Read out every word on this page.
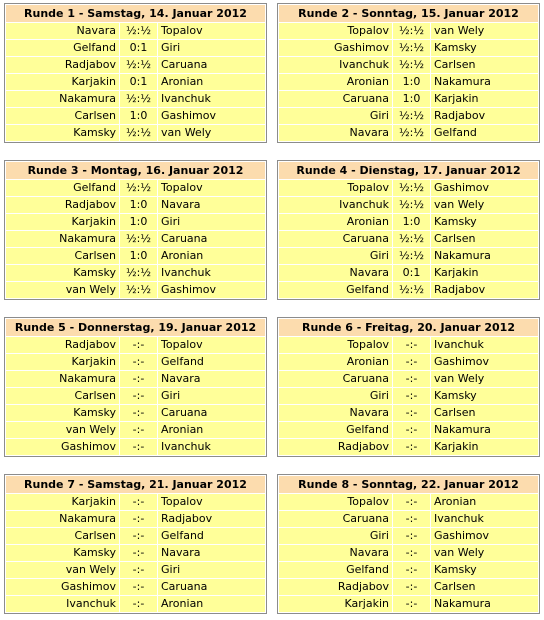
Runde 1 - Samstag, 14. Januar 2012
Navara	½:½	Topalov
Gelfand	0:1	Giri
Radjabov	½:½	Caruana
Karjakin	0:1	Aronian
Nakamura	½:½	Ivanchuk
Carlsen	1:0	Gashimov
Kamsky	½:½	van Wely
Runde 2 - Sonntag, 15. Januar 2012
Topalov	½:½	van Wely
Gashimov	½:½	Kamsky
Ivanchuk	½:½	Carlsen
Aronian	1:0	Nakamura
Caruana	1:0	Karjakin
Giri	½:½	Radjabov
Navara	½:½	Gelfand
Runde 3 - Montag, 16. Januar 2012
Gelfand	½:½	Topalov
Radjabov	1:0	Navara
Karjakin	1:0	Giri
Nakamura	½:½	Caruana
Carlsen	1:0	Aronian
Kamsky	½:½	Ivanchuk
van Wely	½:½	Gashimov
Runde 4 - Dienstag, 17. Januar 2012
Topalov	½:½	Gashimov
Ivanchuk	½:½	van Wely
Aronian	1:0	Kamsky
Caruana	½:½	Carlsen
Giri	½:½	Nakamura
Navara	0:1	Karjakin
Gelfand	½:½	Radjabov
Runde 5 - Donnerstag, 19. Januar 2012
Radjabov	-:-	Topalov
Karjakin	-:-	Gelfand
Nakamura	-:-	Navara
Carlsen	-:-	Giri
Kamsky	-:-	Caruana
van Wely	-:-	Aronian
Gashimov	-:-	Ivanchuk
Runde 6 - Freitag, 20. Januar 2012
Topalov	-:-	Ivanchuk
Aronian	-:-	Gashimov
Caruana	-:-	van Wely
Giri	-:-	Kamsky
Navara	-:-	Carlsen
Gelfand	-:-	Nakamura
Radjabov	-:-	Karjakin
Runde 7 - Samstag, 21. Januar 2012
Karjakin	-:-	Topalov
Nakamura	-:-	Radjabov
Carlsen	-:-	Gelfand
Kamsky	-:-	Navara
van Wely	-:-	Giri
Gashimov	-:-	Caruana
Ivanchuk	-:-	Aronian
Runde 8 - Sonntag, 22. Januar 2012
Topalov	-:-	Aronian
Caruana	-:-	Ivanchuk
Giri	-:-	Gashimov
Navara	-:-	van Wely
Gelfand	-:-	Kamsky
Radjabov	-:-	Carlsen
Karjakin	-:-	Nakamura
